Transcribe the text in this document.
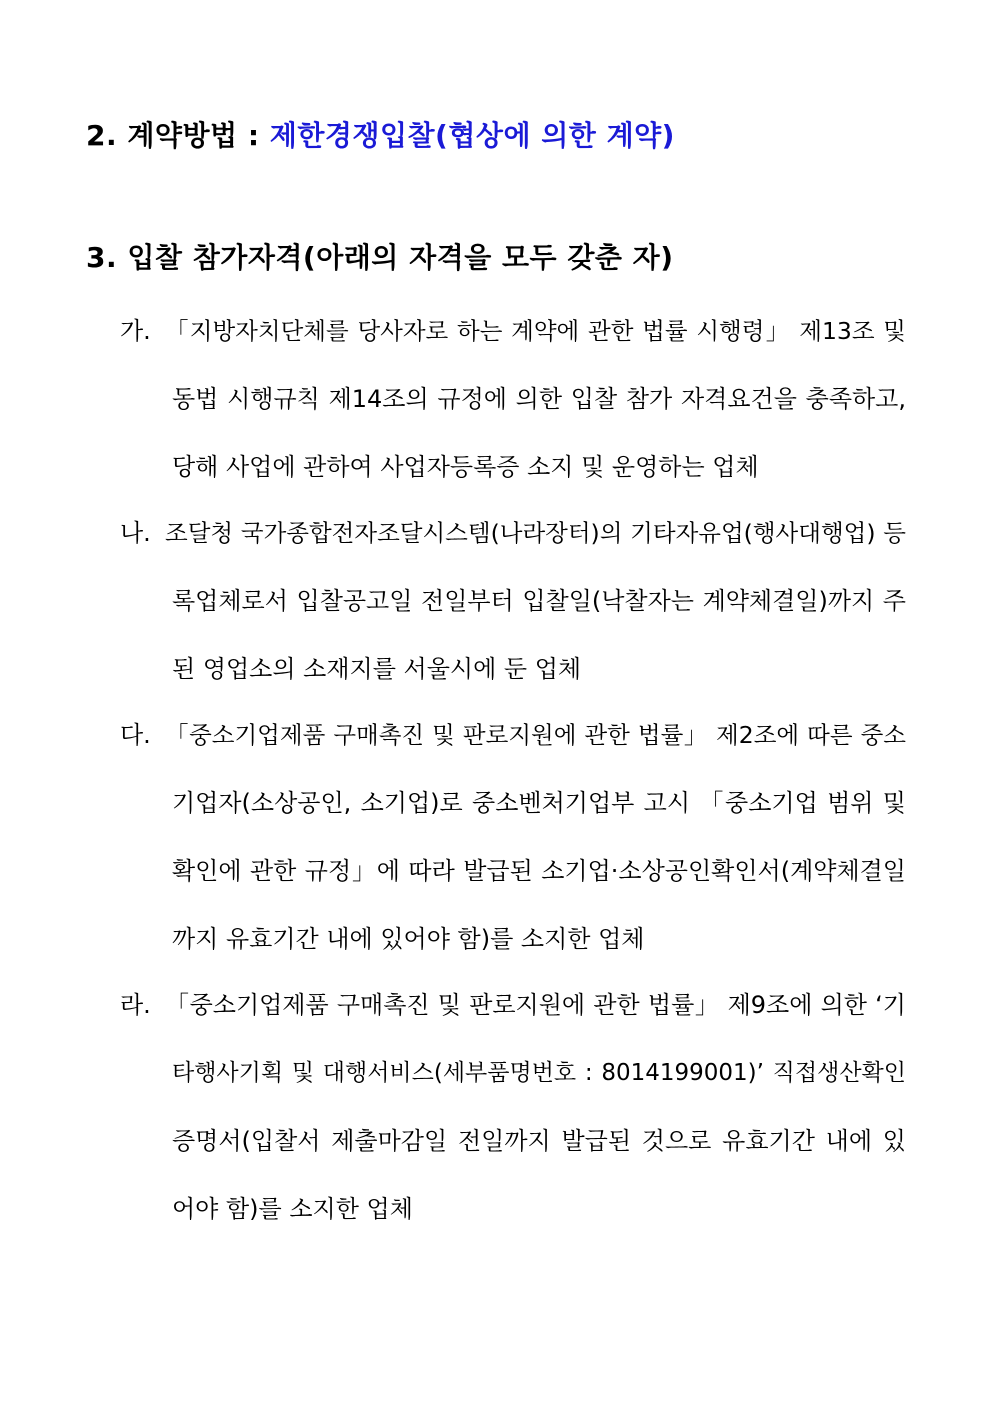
2. 계약방법 : 제한경쟁입찰(협상에 의한 계약)
3. 입찰 참가자격(아래의 자격을 모두 갖춘 자)
가. 「지방자치단체를 당사자로 하는 계약에 관한 법률 시행령」 제13조 및
동법 시행규칙 제14조의 규정에 의한 입찰 참가 자격요건을 충족하고,
당해 사업에 관하여 사업자등록증 소지 및 운영하는 업체
나. 조달청 국가종합전자조달시스템(나라장터)의 기타자유업(행사대행업) 등
록업체로서 입찰공고일 전일부터 입찰일(낙찰자는 계약체결일)까지 주
된 영업소의 소재지를 서울시에 둔 업체
다. 「중소기업제품 구매촉진 및 판로지원에 관한 법률」 제2조에 따른 중소
기업자(소상공인, 소기업)로 중소벤처기업부 고시 「중소기업 범위 및
확인에 관한 규정」에 따라 발급된 소기업·소상공인확인서(계약체결일
까지 유효기간 내에 있어야 함)를 소지한 업체
라. 「중소기업제품 구매촉진 및 판로지원에 관한 법률」 제9조에 의한 ‘기
타행사기획 및 대행서비스(세부품명번호 : 8014199001)’ 직접생산확인
증명서(입찰서 제출마감일 전일까지 발급된 것으로 유효기간 내에 있
어야 함)를 소지한 업체
